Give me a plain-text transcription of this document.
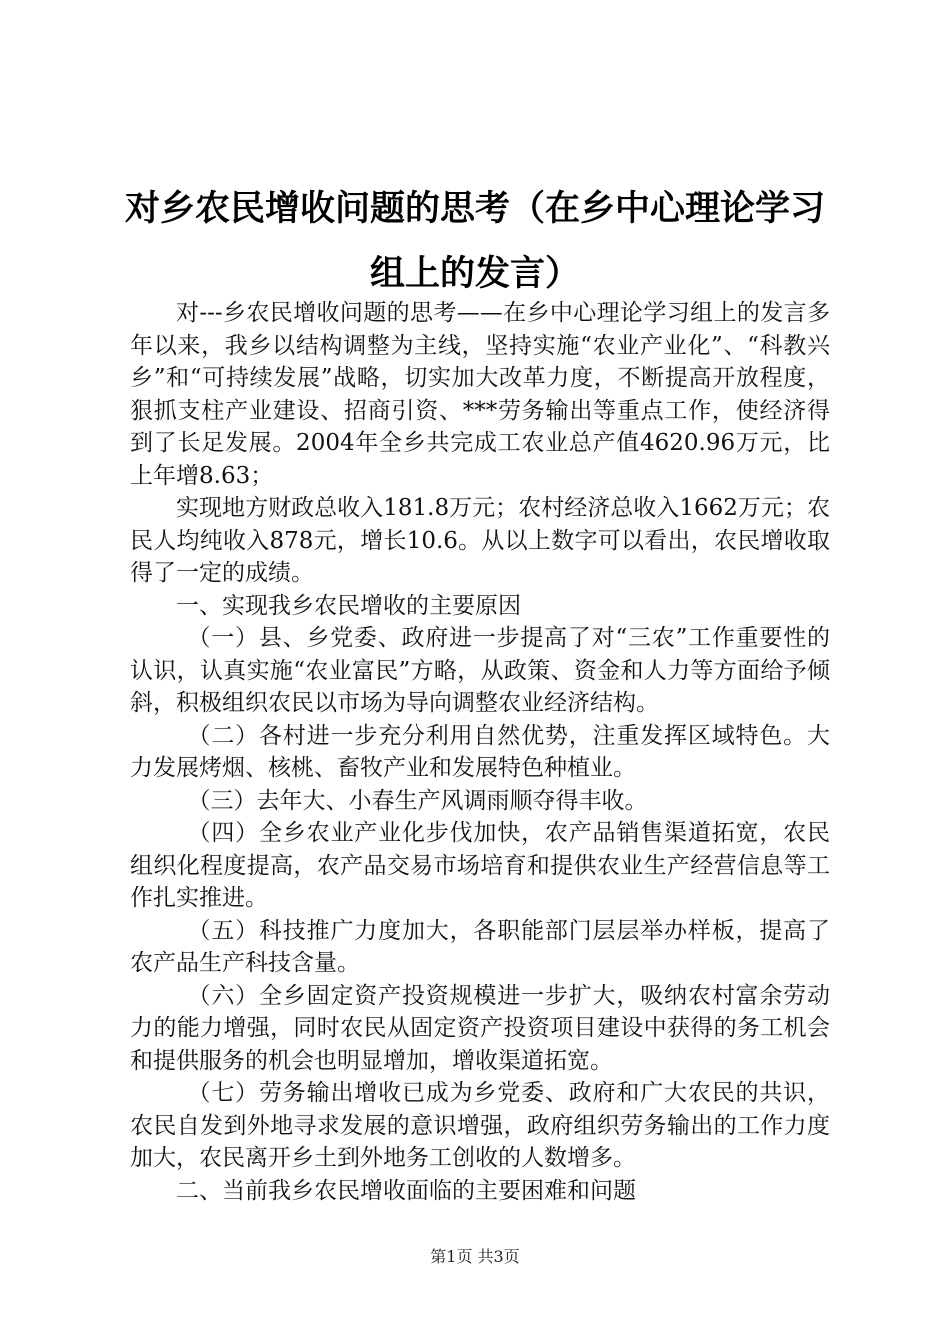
对乡农民增收问题的思考（在乡中心理论学习
组上的发言）

对---乡农民增收问题的思考——在乡中心理论学习组上的发言多年以来，我乡以结构调整为主线，坚持实施“农业产业化”、“科教兴乡”和“可持续发展”战略，切实加大改革力度，不断提高开放程度，狠抓支柱产业建设、招商引资、***劳务输出等重点工作，使经济得到了长足发展。2004年全乡共完成工农业总产值4620.96万元，比上年增8.63；

实现地方财政总收入181.8万元；农村经济总收入1662万元；农民人均纯收入878元，增长10.6。从以上数字可以看出，农民增收取得了一定的成绩。

一、实现我乡农民增收的主要原因

（一）县、乡党委、政府进一步提高了对“三农”工作重要性的认识，认真实施“农业富民”方略，从政策、资金和人力等方面给予倾斜，积极组织农民以市场为导向调整农业经济结构。

（二）各村进一步充分利用自然优势，注重发挥区域特色。大力发展烤烟、核桃、畜牧产业和发展特色种植业。

（三）去年大、小春生产风调雨顺夺得丰收。

（四）全乡农业产业化步伐加快，农产品销售渠道拓宽，农民组织化程度提高，农产品交易市场培育和提供农业生产经营信息等工作扎实推进。

（五）科技推广力度加大，各职能部门层层举办样板，提高了农产品生产科技含量。

（六）全乡固定资产投资规模进一步扩大，吸纳农村富余劳动力的能力增强，同时农民从固定资产投资项目建设中获得的务工机会和提供服务的机会也明显增加，增收渠道拓宽。

（七）劳务输出增收已成为乡党委、政府和广大农民的共识，农民自发到外地寻求发展的意识增强，政府组织劳务输出的工作力度加大，农民离开乡土到外地务工创收的人数增多。

二、当前我乡农民增收面临的主要困难和问题

第1页 共3页
